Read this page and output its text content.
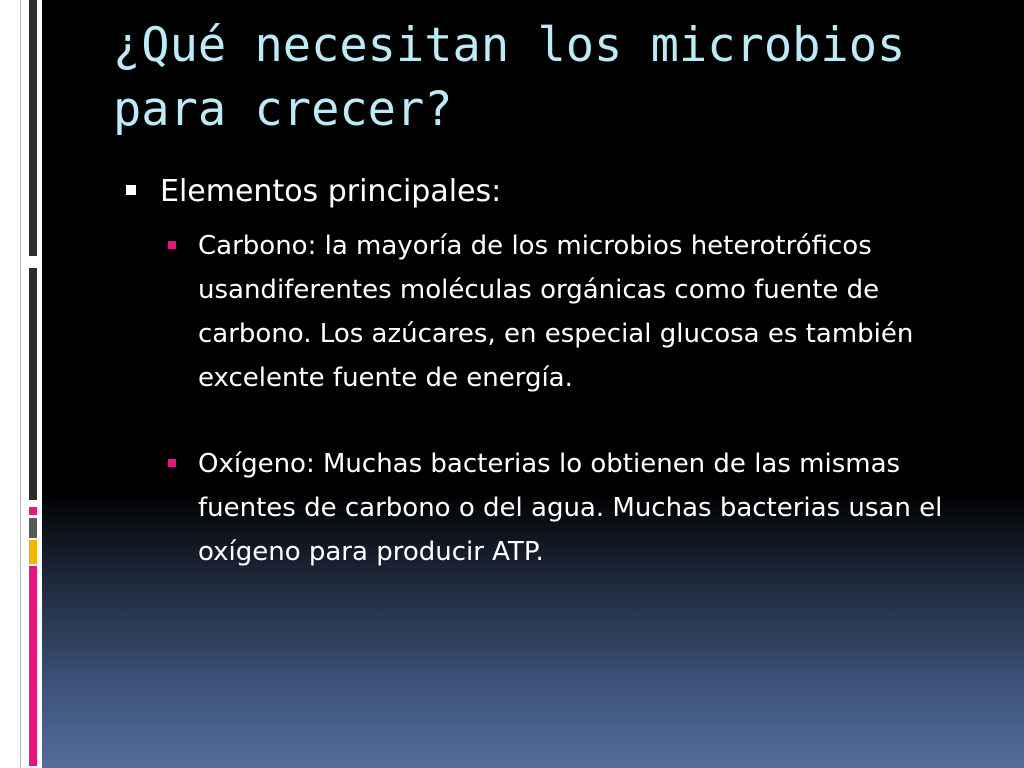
¿Qué necesitan los microbios para crecer?

Elementos principales:

Carbono: la mayoría de los microbios heterotróficos usandiferentes moléculas orgánicas como fuente de carbono. Los azúcares, en especial glucosa es también excelente fuente de energía.

Oxígeno: Muchas bacterias lo obtienen de las mismas fuentes de carbono o del agua. Muchas bacterias usan el oxígeno para producir ATP.
